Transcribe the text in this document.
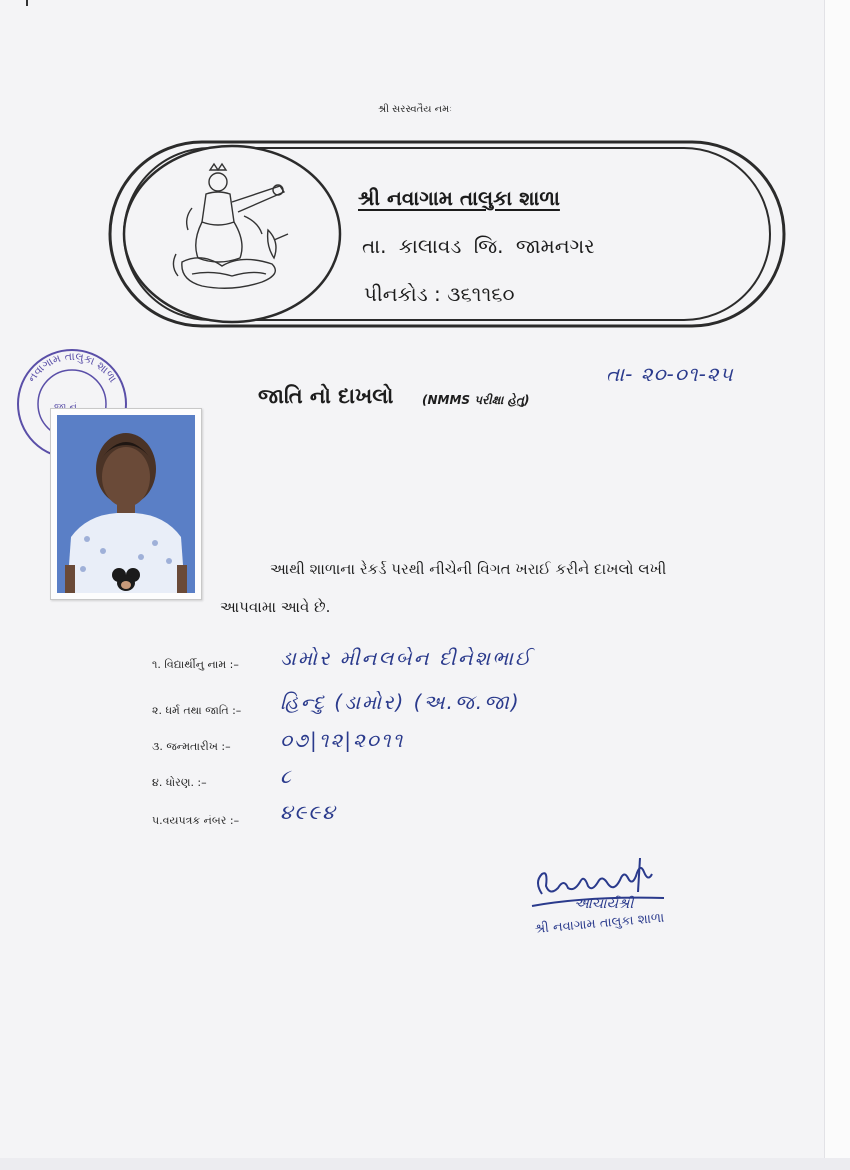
શ્રી સરસ્વતૈય નમઃ
શ્રી નવાગામ તાલુકા શાળા
તા. કાલાવડ જિ. જામનગર
પીનકોડ : ૩૬૧૧૬૦
નવાગામ તાલુકા શાળા
જાતિ નો દાખલો (NMMS પરીક્ષા હેતુ)
તા- ૨૦-૦૧-૨૫
આથી શાળાના રેકર્ડ પરથી નીચેની વિગત ખરાઈ કરીને દાખલો લખી
આપવામા આવે છે.
૧. વિદ્યાર્થીનુ નામ :– ડામોર મીનલબેન દીનેશભાઈ
૨. ધર્મ તથા જાતિ :– હિન્દુ (ડામોર) (અ.જ.જા)
૩. જન્મતારીખ :– ૦૭|૧૨|૨૦૧૧
૪. ધોરણ. :–	૮
પ.વયપત્રક નંબર :– ૪૯૯૪
આચાર્યશ્રી
શ્રી નવાગામ તાલુકા શાળા
